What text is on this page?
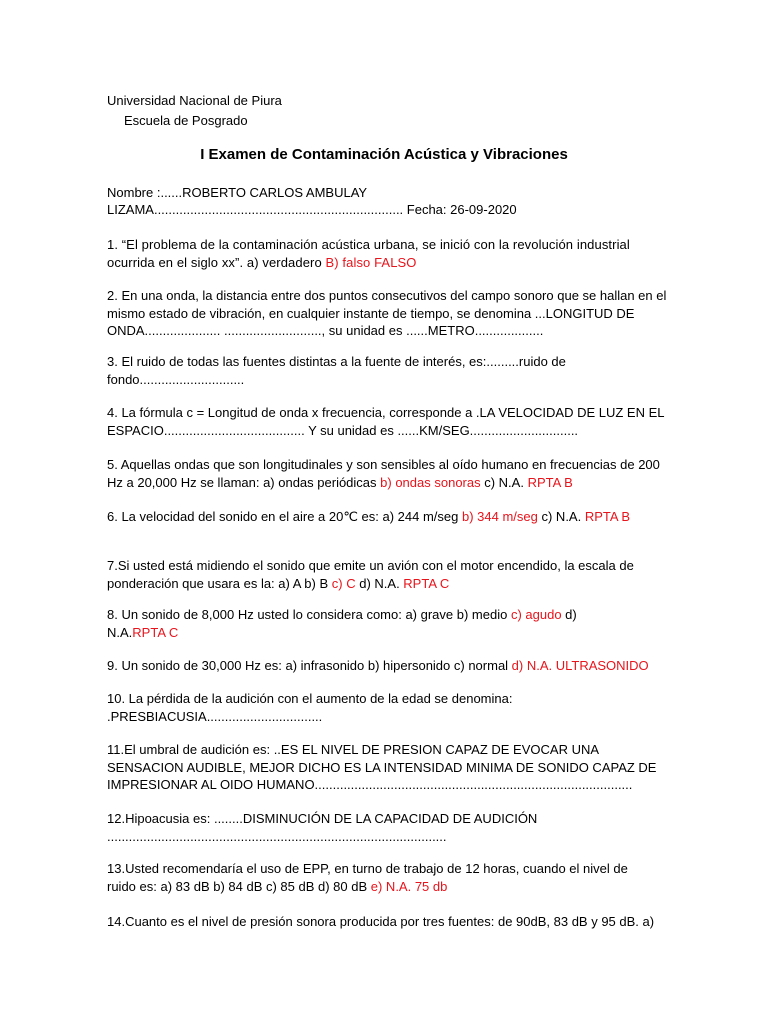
Universidad Nacional de Piura
Escuela de Posgrado
I Examen de Contaminación Acústica y Vibraciones
Nombre :......ROBERTO CARLOS AMBULAY
LIZAMA..................................................................... Fecha: 26-09-2020
1. “El problema de la contaminación acústica urbana, se inició con la revolución industrial
ocurrida en el siglo xx”. a) verdadero B) falso FALSO
2. En una onda, la distancia entre dos puntos consecutivos del campo sonoro que se hallan en el
mismo estado de vibración, en cualquier instante de tiempo, se denomina ...LONGITUD DE
ONDA..................... ..........................., su unidad es ......METRO...................
3. El ruido de todas las fuentes distintas a la fuente de interés, es:.........ruido de
fondo.............................
4. La fórmula c = Longitud de onda x frecuencia, corresponde a .LA VELOCIDAD DE LUZ EN EL
ESPACIO....................................... Y su unidad es ......KM/SEG..............................
5. Aquellas ondas que son longitudinales y son sensibles al oído humano en frecuencias de 200
Hz a 20,000 Hz se llaman: a) ondas periódicas b) ondas sonoras c) N.A. RPTA B
6. La velocidad del sonido en el aire a 20℃ es: a) 244 m/seg b) 344 m/seg c) N.A. RPTA B
7.Si usted está midiendo el sonido que emite un avión con el motor encendido, la escala de
ponderación que usara es la: a) A b) B c) C d) N.A. RPTA C
8. Un sonido de 8,000 Hz usted lo considera como: a) grave b) medio c) agudo d)
N.A.RPTA C
9. Un sonido de 30,000 Hz es: a) infrasonido b) hipersonido c) normal d) N.A. ULTRASONIDO
10. La pérdida de la audición con el aumento de la edad se denomina:
.PRESBIACUSIA................................
11.El umbral de audición es: ..ES EL NIVEL DE PRESION CAPAZ DE EVOCAR UNA
SENSACION AUDIBLE, MEJOR DICHO ES LA INTENSIDAD MINIMA DE SONIDO CAPAZ DE
IMPRESIONAR AL OIDO HUMANO........................................................................................
12.Hipoacusia es: ........DISMINUCIÓN DE LA CAPACIDAD DE AUDICIÓN
..............................................................................................
13.Usted recomendaría el uso de EPP, en turno de trabajo de 12 horas, cuando el nivel de
ruido es: a) 83 dB b) 84 dB c) 85 dB d) 80 dB e) N.A. 75 db
14.Cuanto es el nivel de presión sonora producida por tres fuentes: de 90dB, 83 dB y 95 dB. a)
